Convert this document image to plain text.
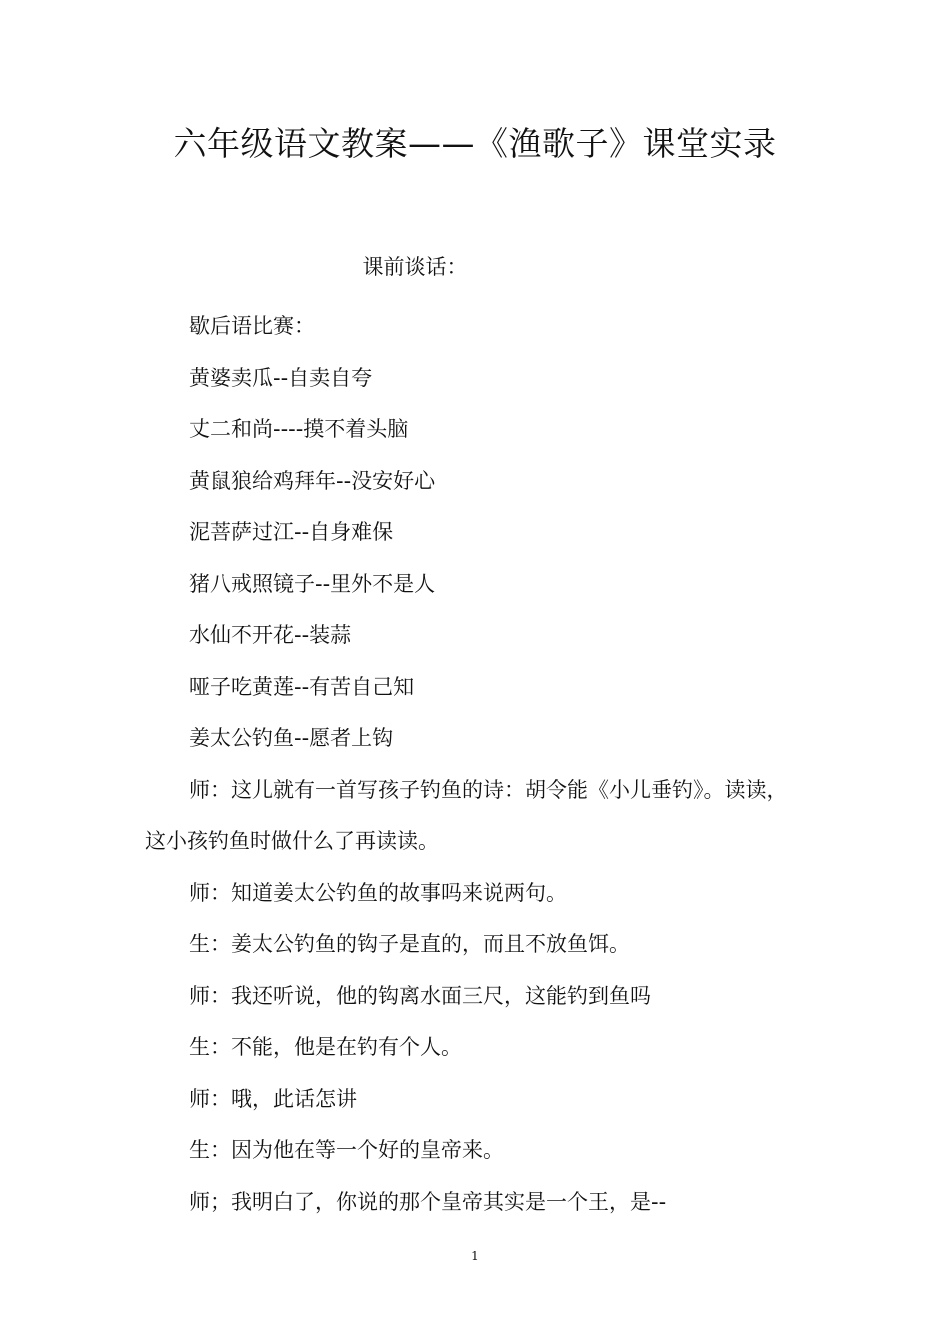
六年级语文教案——《渔歌子》课堂实录

课前谈话：

歇后语比赛：

黄婆卖瓜--自卖自夸

丈二和尚----摸不着头脑

黄鼠狼给鸡拜年--没安好心

泥菩萨过江--自身难保

猪八戒照镜子--里外不是人

水仙不开花--装蒜

哑子吃黄莲--有苦自己知

姜太公钓鱼--愿者上钩

师：这儿就有一首写孩子钓鱼的诗：胡令能《小儿垂钓》。读读，这小孩钓鱼时做什么了再读读。

师：知道姜太公钓鱼的故事吗来说两句。

生：姜太公钓鱼的钩子是直的，而且不放鱼饵。

师：我还听说，他的钩离水面三尺，这能钓到鱼吗

生：不能，他是在钓有个人。

师：哦，此话怎讲

生：因为他在等一个好的皇帝来。

师；我明白了，你说的那个皇帝其实是一个王，是--

1
